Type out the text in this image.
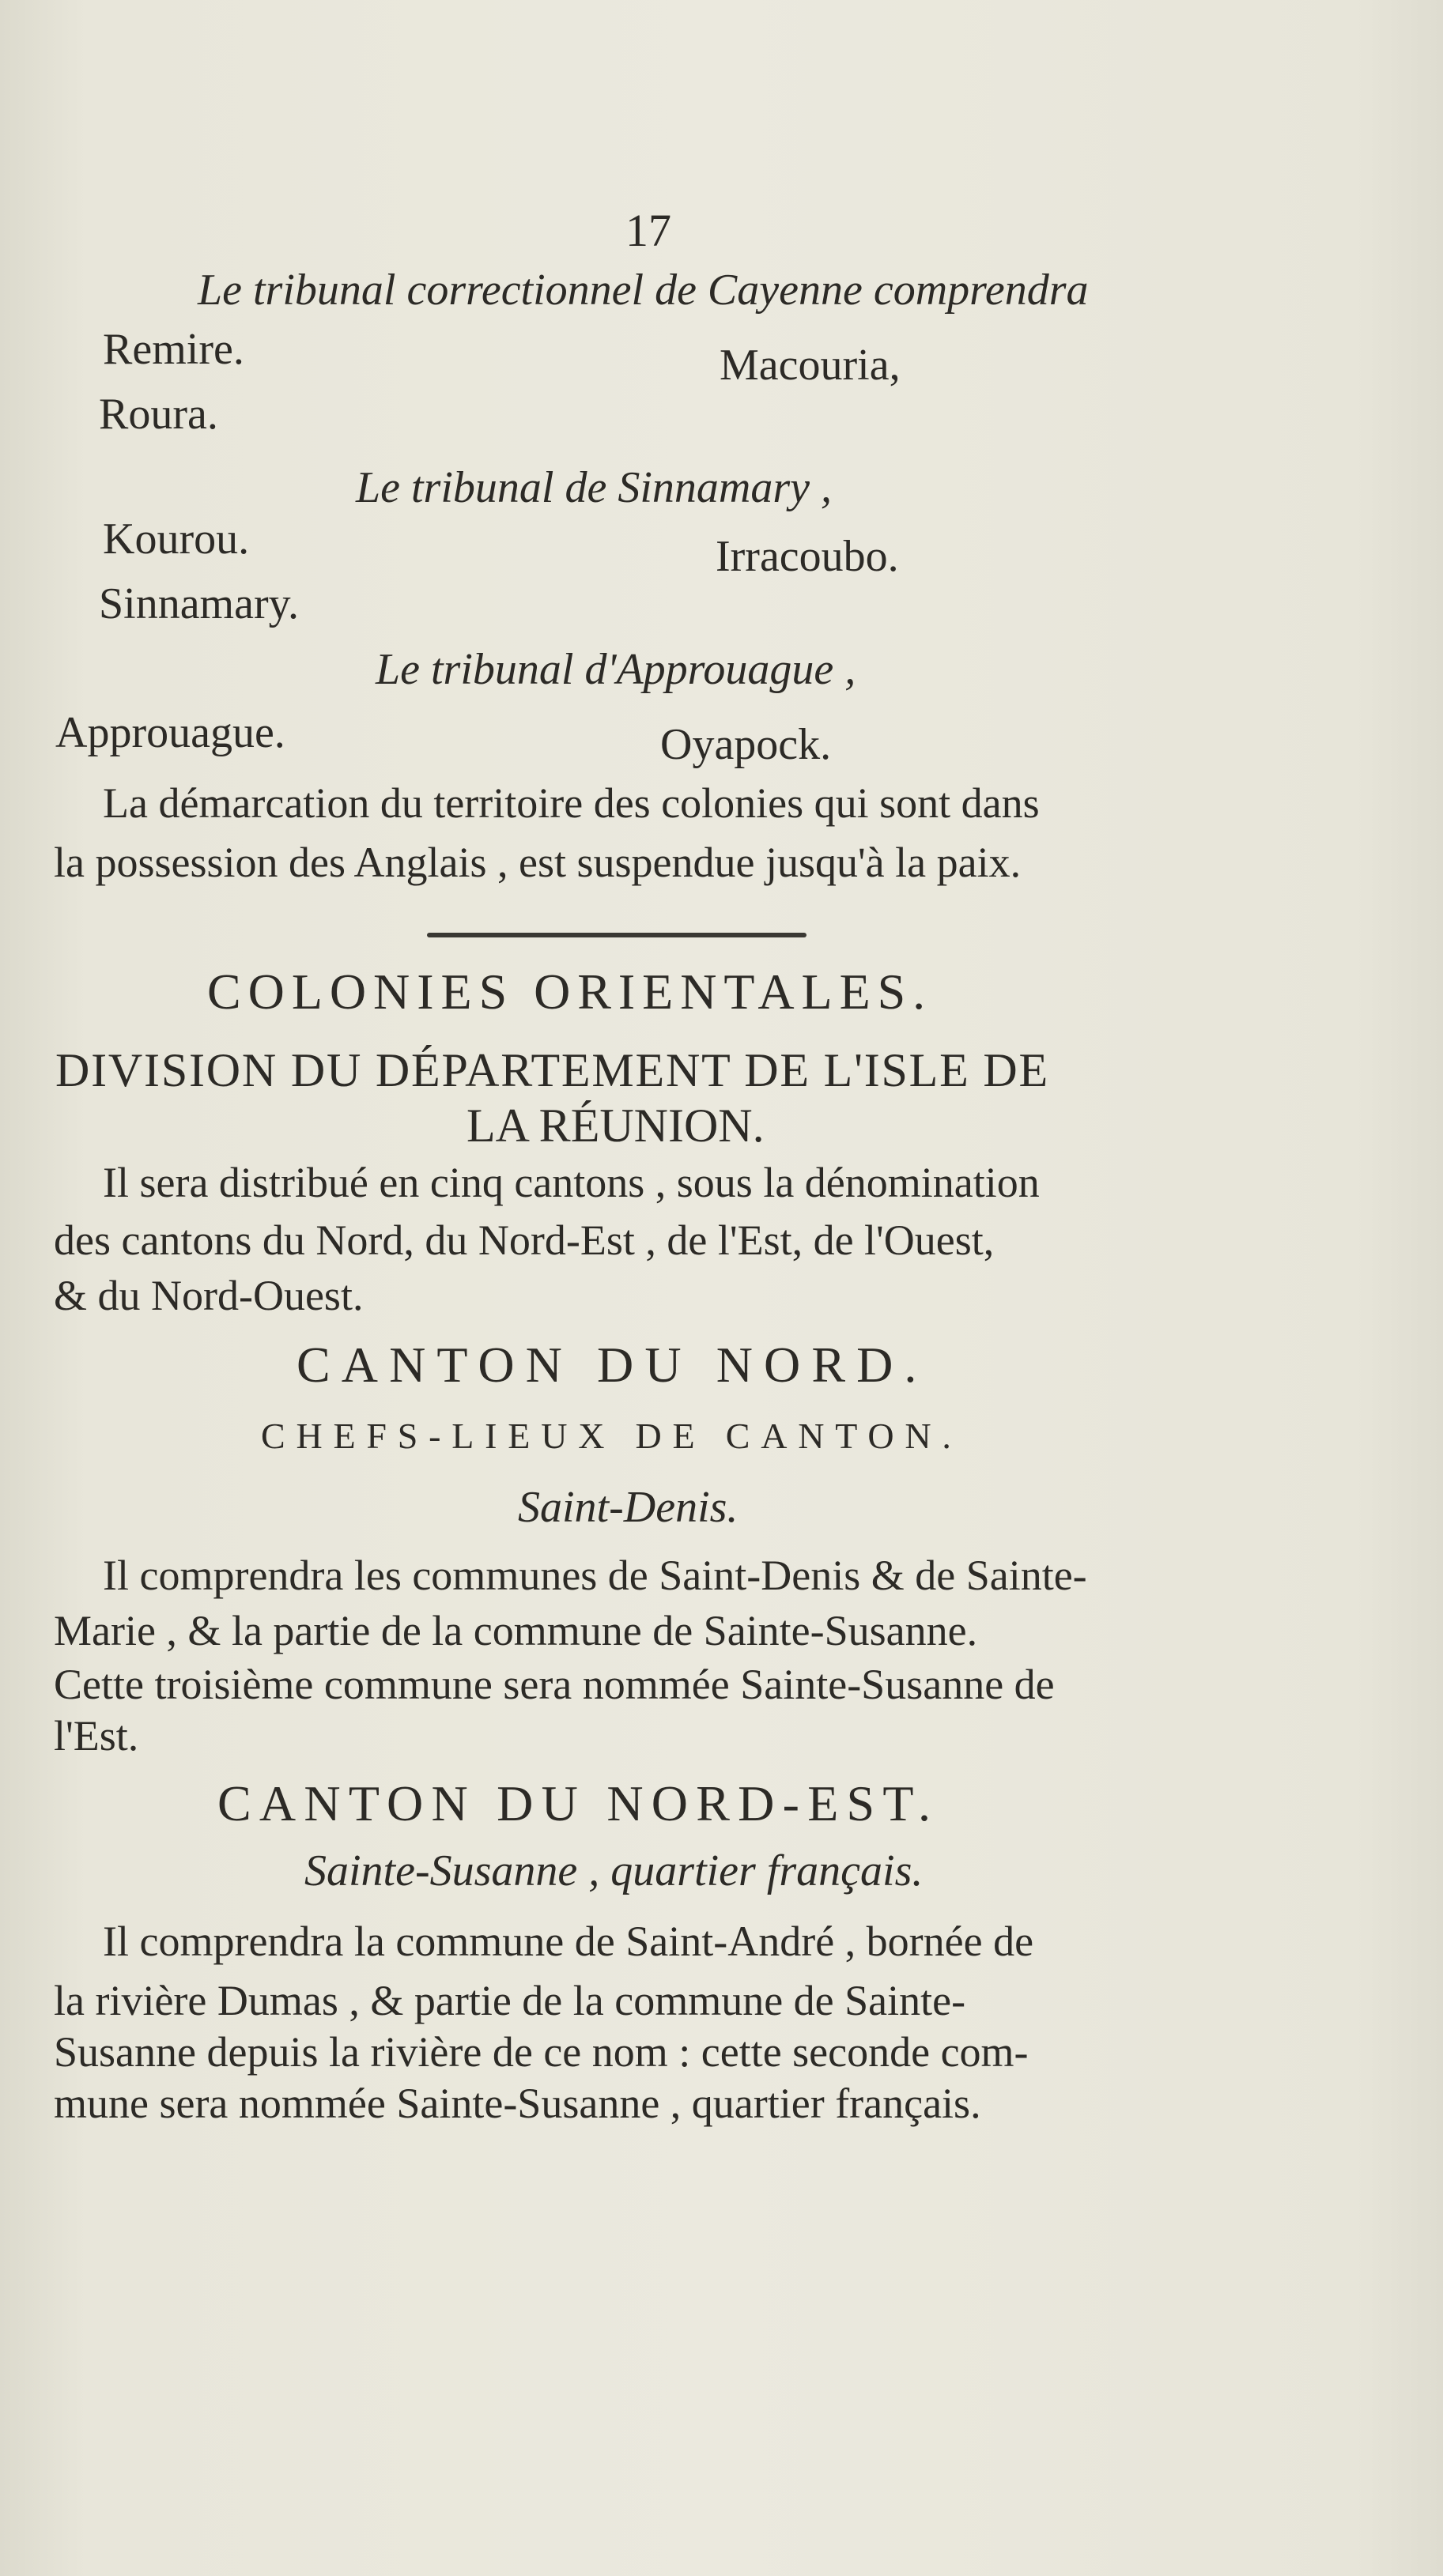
17
Le tribunal correctionnel de Cayenne comprendra
Remire.	Macouria,
Roura.
Le tribunal de Sinnamary ,
Kourou.	Irracoubo.
Sinnamary.
Le tribunal d'Approuague ,
Approuague.	Oyapock.
La démarcation du territoire des colonies qui sont dans
la possession des Anglais , est suspendue jusqu'à la paix.
COLONIES ORIENTALES.
DIVISION DU DÉPARTEMENT DE L'ISLE DE
LA RÉUNION.
Il sera distribué en cinq cantons , sous la dénomination
des cantons du Nord, du Nord-Est , de l'Est, de l'Ouest,
& du Nord-Ouest.
CANTON DU NORD.
CHEFS-LIEUX DE CANTON.
Saint-Denis.
Il comprendra les communes de Saint-Denis & de Sainte-
Marie , & la partie de la commune de Sainte-Susanne.
Cette troisième commune sera nommée Sainte-Susanne de
l'Est.
CANTON DU NORD-EST.
Sainte-Susanne , quartier français.
Il comprendra la commune de Saint-André , bornée de
la rivière Dumas , & partie de la commune de Sainte-
Susanne depuis la rivière de ce nom : cette seconde com-
mune sera nommée Sainte-Susanne , quartier français.
